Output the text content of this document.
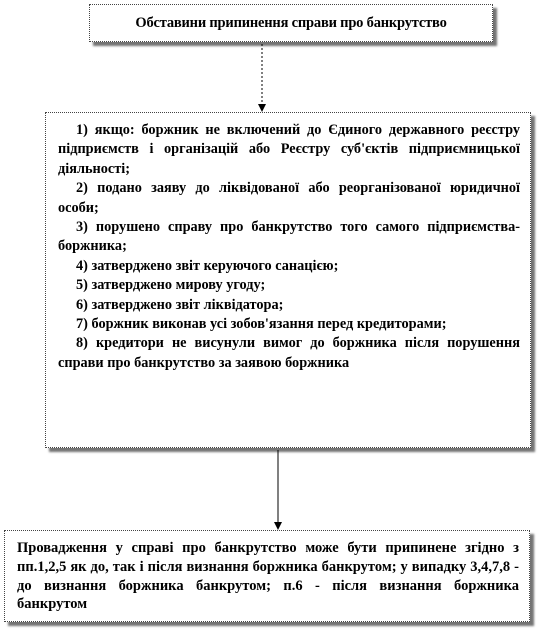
Обставини припинення справи про банкрутство
1) якщо: боржник не включений до Єдиного державного реєстру підприємств і організацій або Реєстру суб'єктів підприємницької діяльності;
2) подано заяву до ліквідованої або реорганізованої юридичної особи;
3) порушено справу про банкрутство того самого підприємства-боржника;
4) затверджено звіт керуючого санацією;
5) затверджено мирову угоду;
6) затверджено звіт ліквідатора;
7) боржник виконав усі зобов'язання перед кредиторами;
8) кредитори не висунули вимог до боржника після порушення справи про банкрутство за заявою боржника
Провадження у справі про банкрутство може бути припинене згідно з пп.1,2,5 як до, так і після визнання боржника банкрутом; у випадку 3,4,7,8 - до визнання боржника банкрутом; п.6 - після визнання боржника банкрутом
